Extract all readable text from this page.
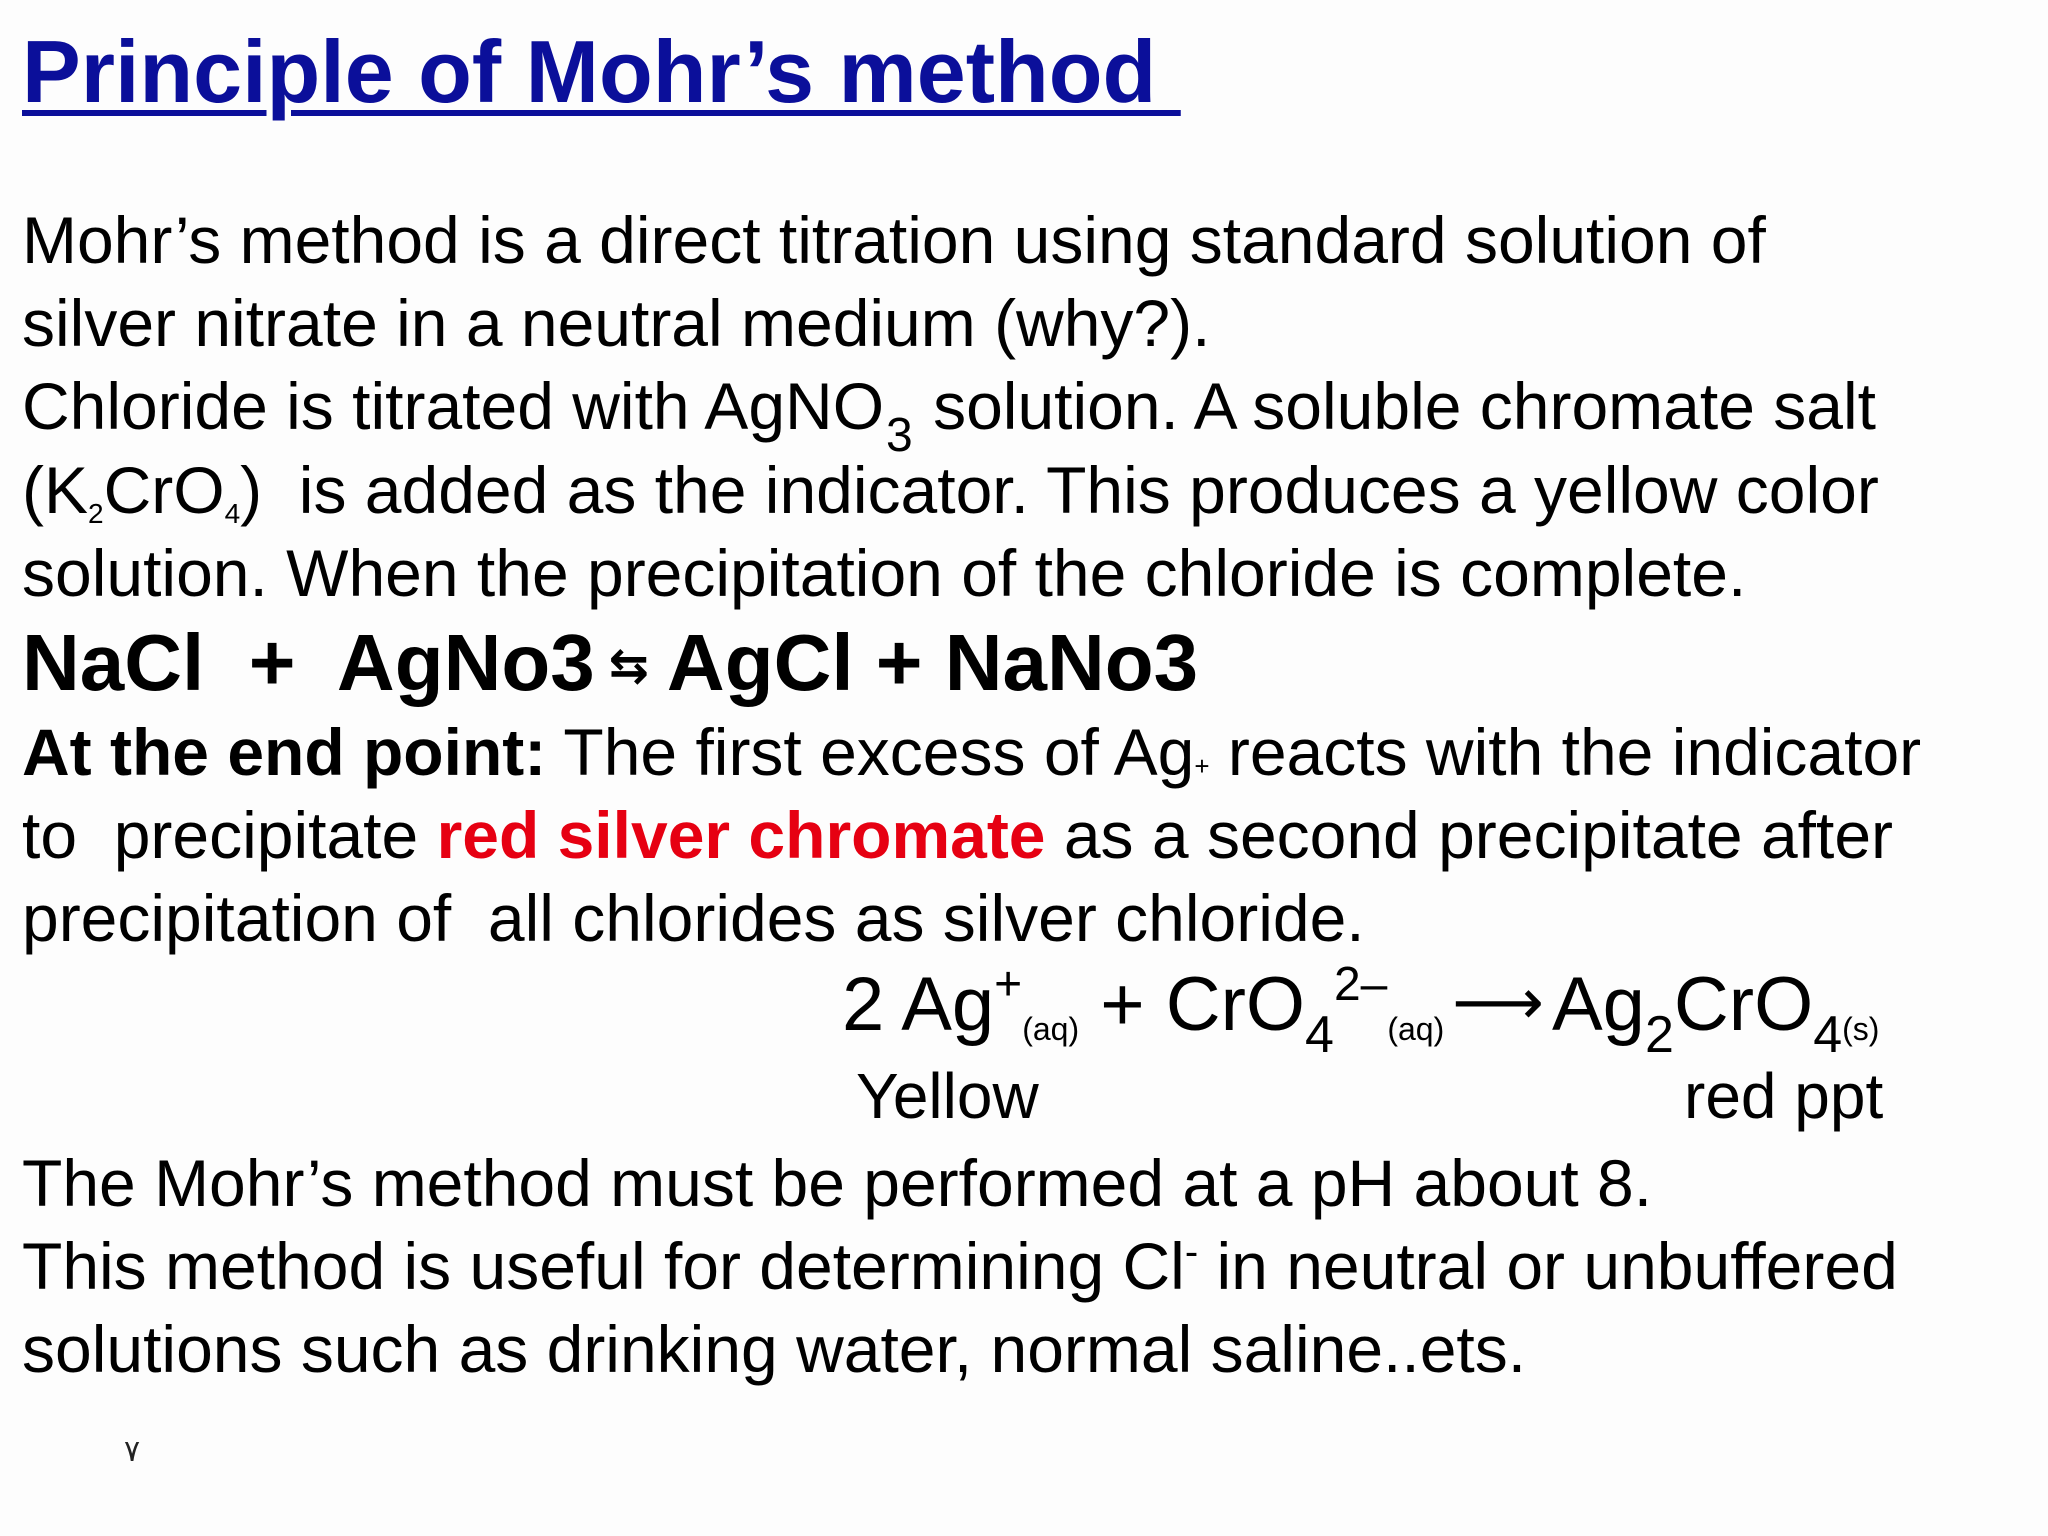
Principle of Mohr’s method
Mohr’s method is a direct titration using standard solution of
silver nitrate in a neutral medium (why?).
Chloride is titrated with AgNO$_3$ solution. A soluble chromate salt
(K2CrO4)  is added as the indicator. This produces a yellow color
solution. When the precipitation of the chloride is complete.
NaCl  +  AgNo3 ⇆ AgCl + NaNo3
At the end point: The first excess of Ag+ reacts with the indicator
to  precipitate red silver chromate as a second precipitate after
precipitation of  all chlorides as silver chloride.
2 Ag+(aq) + CrO$_4^{2-}$(aq) ⟶ $Ag_2CrO_4(s)$
Yellow	red ppt
The Mohr’s method must be performed at a pH about 8.
This method is useful for determining Cl- in neutral or unbuffered
solutions such as drinking water, normal saline..ets.
٧
